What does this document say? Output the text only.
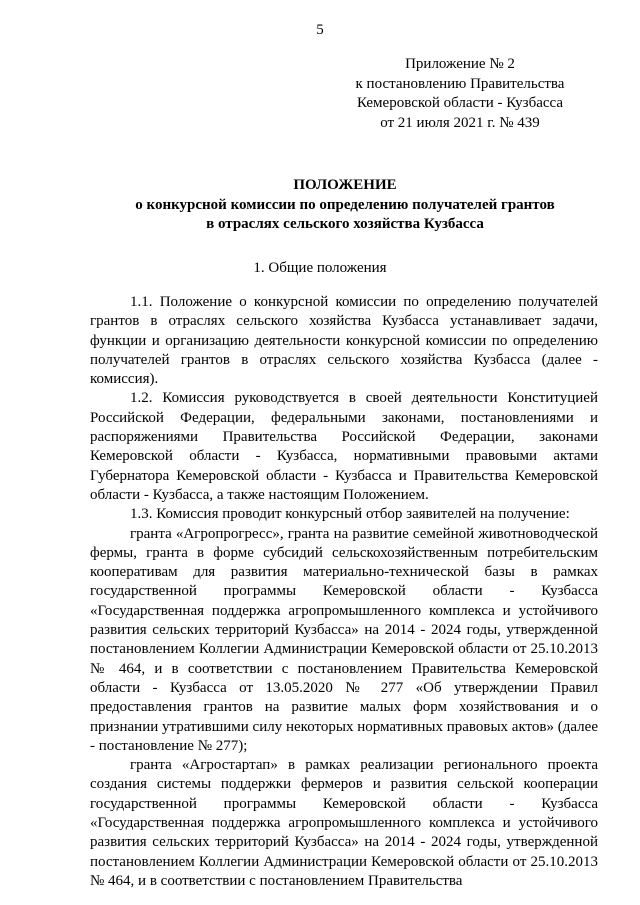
5
Приложение № 2
к постановлению Правительства
Кемеровской области - Кузбасса
от 21 июля 2021 г. № 439
ПОЛОЖЕНИЕ
о конкурсной комиссии по определению получателей грантов
в отраслях сельского хозяйства Кузбасса
1. Общие положения

1.1. Положение о конкурсной комиссии по определению получателей грантов в отраслях сельского хозяйства Кузбасса устанавливает задачи, функции и организацию деятельности конкурсной комиссии по определению получателей грантов в отраслях сельского хозяйства Кузбасса (далее - комиссия).

1.2. Комиссия руководствуется в своей деятельности Конституцией Российской Федерации, федеральными законами, постановлениями и распоряжениями Правительства Российской Федерации, законами Кемеровской области - Кузбасса, нормативными правовыми актами Губернатора Кемеровской области - Кузбасса и Правительства Кемеровской области - Кузбасса, а также настоящим Положением.

1.3. Комиссия проводит конкурсный отбор заявителей на получение:

гранта «Агропрогресс», гранта на развитие семейной животноводческой фермы, гранта в форме субсидий сельскохозяйственным потребительским кооперативам для развития материально-технической базы в рамках государственной программы Кемеровской области - Кузбасса «Государственная поддержка агропромышленного комплекса и устойчивого развития сельских территорий Кузбасса» на 2014 - 2024 годы, утвержденной постановлением Коллегии Администрации Кемеровской области от 25.10.2013 № 464, и в соответствии с постановлением Правительства Кемеровской области - Кузбасса от 13.05.2020 № 277 «Об утверждении Правил предоставления грантов на развитие малых форм хозяйствования и о признании утратившими силу некоторых нормативных правовых актов» (далее - постановление № 277);

гранта «Агростартап» в рамках реализации регионального проекта создания системы поддержки фермеров и развития сельской кооперации государственной программы Кемеровской области - Кузбасса «Государственная поддержка агропромышленного комплекса и устойчивого развития сельских территорий Кузбасса» на 2014 - 2024 годы, утвержденной постановлением Коллегии Администрации Кемеровской области от 25.10.2013 № 464, и в соответствии с постановлением Правительства
